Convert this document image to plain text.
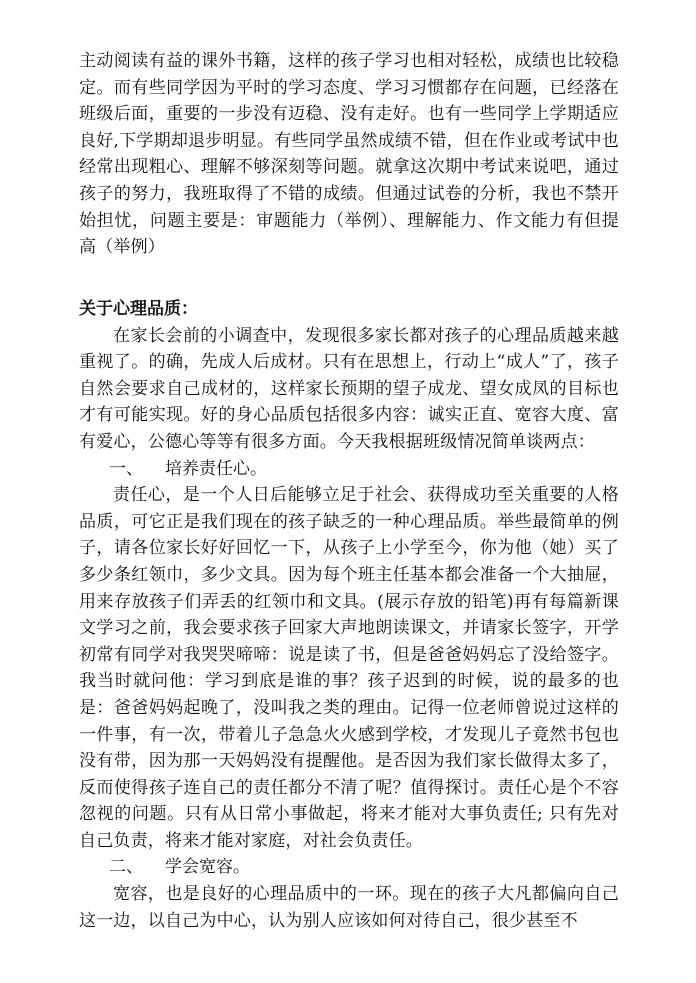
主动阅读有益的课外书籍，这样的孩子学习也相对轻松，成绩也比较稳定。而有些同学因为平时的学习态度、学习习惯都存在问题，已经落在班级后面，重要的一步没有迈稳、没有走好。也有一些同学上学期适应良好,下学期却退步明显。有些同学虽然成绩不错，但在作业或考试中也经常出现粗心、理解不够深刻等问题。就拿这次期中考试来说吧，通过孩子的努力，我班取得了不错的成绩。但通过试卷的分析，我也不禁开始担忧，问题主要是：审题能力（举例）、理解能力、作文能力有但提高（举例）

关于心理品质：

在家长会前的小调查中，发现很多家长都对孩子的心理品质越来越重视了。的确，先成人后成材。只有在思想上，行动上“成人”了，孩子自然会要求自己成材的，这样家长预期的望子成龙、望女成凤的目标也才有可能实现。好的身心品质包括很多内容：诚实正直、宽容大度、富有爱心，公德心等等有很多方面。今天我根据班级情况简单谈两点：

一、 培养责任心。

责任心，是一个人日后能够立足于社会、获得成功至关重要的人格品质，可它正是我们现在的孩子缺乏的一种心理品质。举些最简单的例子，请各位家长好好回忆一下，从孩子上小学至今，你为他（她）买了多少条红领巾，多少文具。因为每个班主任基本都会准备一个大抽屉，用来存放孩子们弄丢的红领巾和文具。(展示存放的铅笔)再有每篇新课文学习之前，我会要求孩子回家大声地朗读课文，并请家长签字，开学初常有同学对我哭哭啼啼：说是读了书，但是爸爸妈妈忘了没给签字。我当时就问他：学习到底是谁的事？孩子迟到的时候，说的最多的也是：爸爸妈妈起晚了，没叫我之类的理由。记得一位老师曾说过这样的一件事，有一次，带着儿子急急火火感到学校，才发现儿子竟然书包也没有带，因为那一天妈妈没有提醒他。是否因为我们家长做得太多了，反而使得孩子连自己的责任都分不清了呢？值得探讨。责任心是个不容忽视的问题。只有从日常小事做起，将来才能对大事负责任; 只有先对自己负责，将来才能对家庭，对社会负责任。

二、 学会宽容。

宽容，也是良好的心理品质中的一环。现在的孩子大凡都偏向自己这一边，以自己为中心，认为别人应该如何对待自己，很少甚至不
